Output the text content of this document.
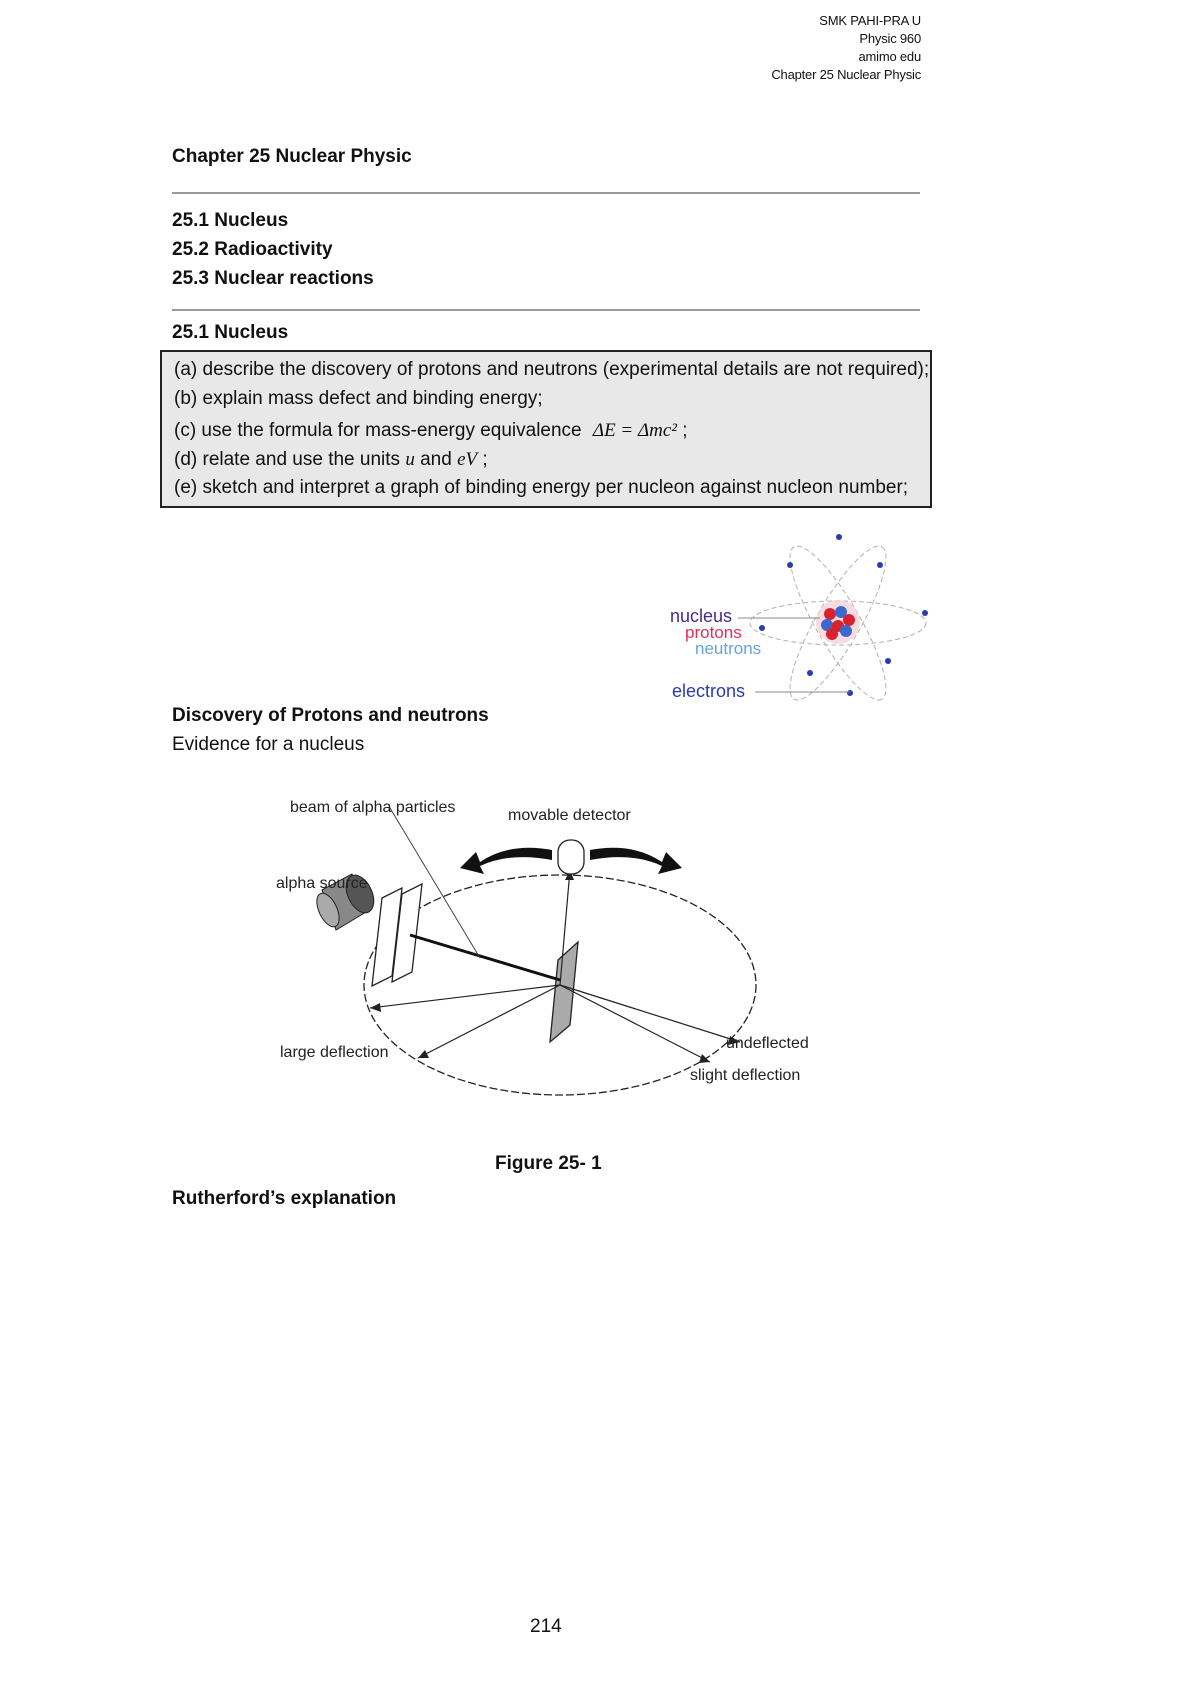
SMK PAHI-PRA U
Physic 960
amimo edu
Chapter 25 Nuclear Physic
Chapter 25 Nuclear Physic
25.1 Nucleus
25.2 Radioactivity
25.3 Nuclear reactions
25.1 Nucleus
(a) describe the discovery of protons and neutrons (experimental details are not required);
(b) explain mass defect and binding energy;
(c) use the formula for mass-energy equivalence ΔE = Δmc² ;
(d) relate and use the units u and eV ;
(e) sketch and interpret a graph of binding energy per nucleon against nucleon number;
nucleus
protons
neutrons
electrons
Discovery of Protons and neutrons
Evidence for a nucleus
beam of alpha particles	movable detector
alpha source
large deflection
undeflected
slight deflection
Figure 25- 1
Rutherford’s explanation
214
